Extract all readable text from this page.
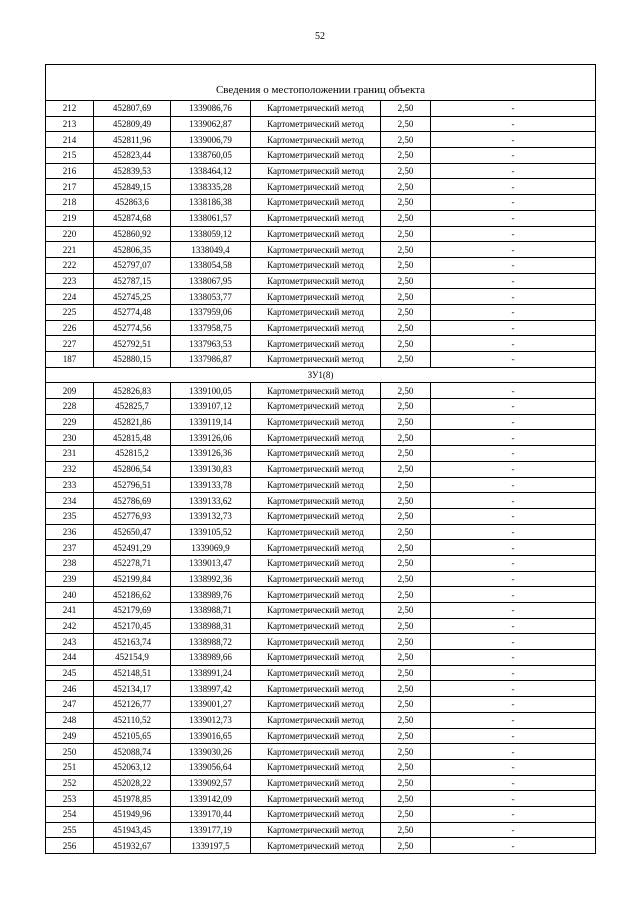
52
Сведения о местоположении границ объекта					
212	452807,69	1339086,76	Картометрический метод	2,50	-
213	452809,49	1339062,87	Картометрический метод	2,50	-
214	452811,96	1339006,79	Картометрический метод	2,50	-
215	452823,44	1338760,05	Картометрический метод	2,50	-
216	452839,53	1338464,12	Картометрический метод	2,50	-
217	452849,15	1338335,28	Картометрический метод	2,50	-
218	452863,6	1338186,38	Картометрический метод	2,50	-
219	452874,68	1338061,57	Картометрический метод	2,50	-
220	452860,92	1338059,12	Картометрический метод	2,50	-
221	452806,35	1338049,4	Картометрический метод	2,50	-
222	452797,07	1338054,58	Картометрический метод	2,50	-
223	452787,15	1338067,95	Картометрический метод	2,50	-
224	452745,25	1338053,77	Картометрический метод	2,50	-
225	452774,48	1337959,06	Картометрический метод	2,50	-
226	452774,56	1337958,75	Картометрический метод	2,50	-
227	452792,51	1337963,53	Картометрический метод	2,50	-
187	452880,15	1337986,87	Картометрический метод	2,50	-
ЗУ1(8)					
209	452826,83	1339100,05	Картометрический метод	2,50	-
228	452825,7	1339107,12	Картометрический метод	2,50	-
229	452821,86	1339119,14	Картометрический метод	2,50	-
230	452815,48	1339126,06	Картометрический метод	2,50	-
231	452815,2	1339126,36	Картометрический метод	2,50	-
232	452806,54	1339130,83	Картометрический метод	2,50	-
233	452796,51	1339133,78	Картометрический метод	2,50	-
234	452786,69	1339133,62	Картометрический метод	2,50	-
235	452776,93	1339132,73	Картометрический метод	2,50	-
236	452650,47	1339105,52	Картометрический метод	2,50	-
237	452491,29	1339069,9	Картометрический метод	2,50	-
238	452278,71	1339013,47	Картометрический метод	2,50	-
239	452199,84	1338992,36	Картометрический метод	2,50	-
240	452186,62	1338989,76	Картометрический метод	2,50	-
241	452179,69	1338988,71	Картометрический метод	2,50	-
242	452170,45	1338988,31	Картометрический метод	2,50	-
243	452163,74	1338988,72	Картометрический метод	2,50	-
244	452154,9	1338989,66	Картометрический метод	2,50	-
245	452148,51	1338991,24	Картометрический метод	2,50	-
246	452134,17	1338997,42	Картометрический метод	2,50	-
247	452126,77	1339001,27	Картометрический метод	2,50	-
248	452110,52	1339012,73	Картометрический метод	2,50	-
249	452105,65	1339016,65	Картометрический метод	2,50	-
250	452088,74	1339030,26	Картометрический метод	2,50	-
251	452063,12	1339056,64	Картометрический метод	2,50	-
252	452028,22	1339092,57	Картометрический метод	2,50	-
253	451978,85	1339142,09	Картометрический метод	2,50	-
254	451949,96	1339170,44	Картометрический метод	2,50	-
255	451943,45	1339177,19	Картометрический метод	2,50	-
256	451932,67	1339197,5	Картометрический метод	2,50	-
